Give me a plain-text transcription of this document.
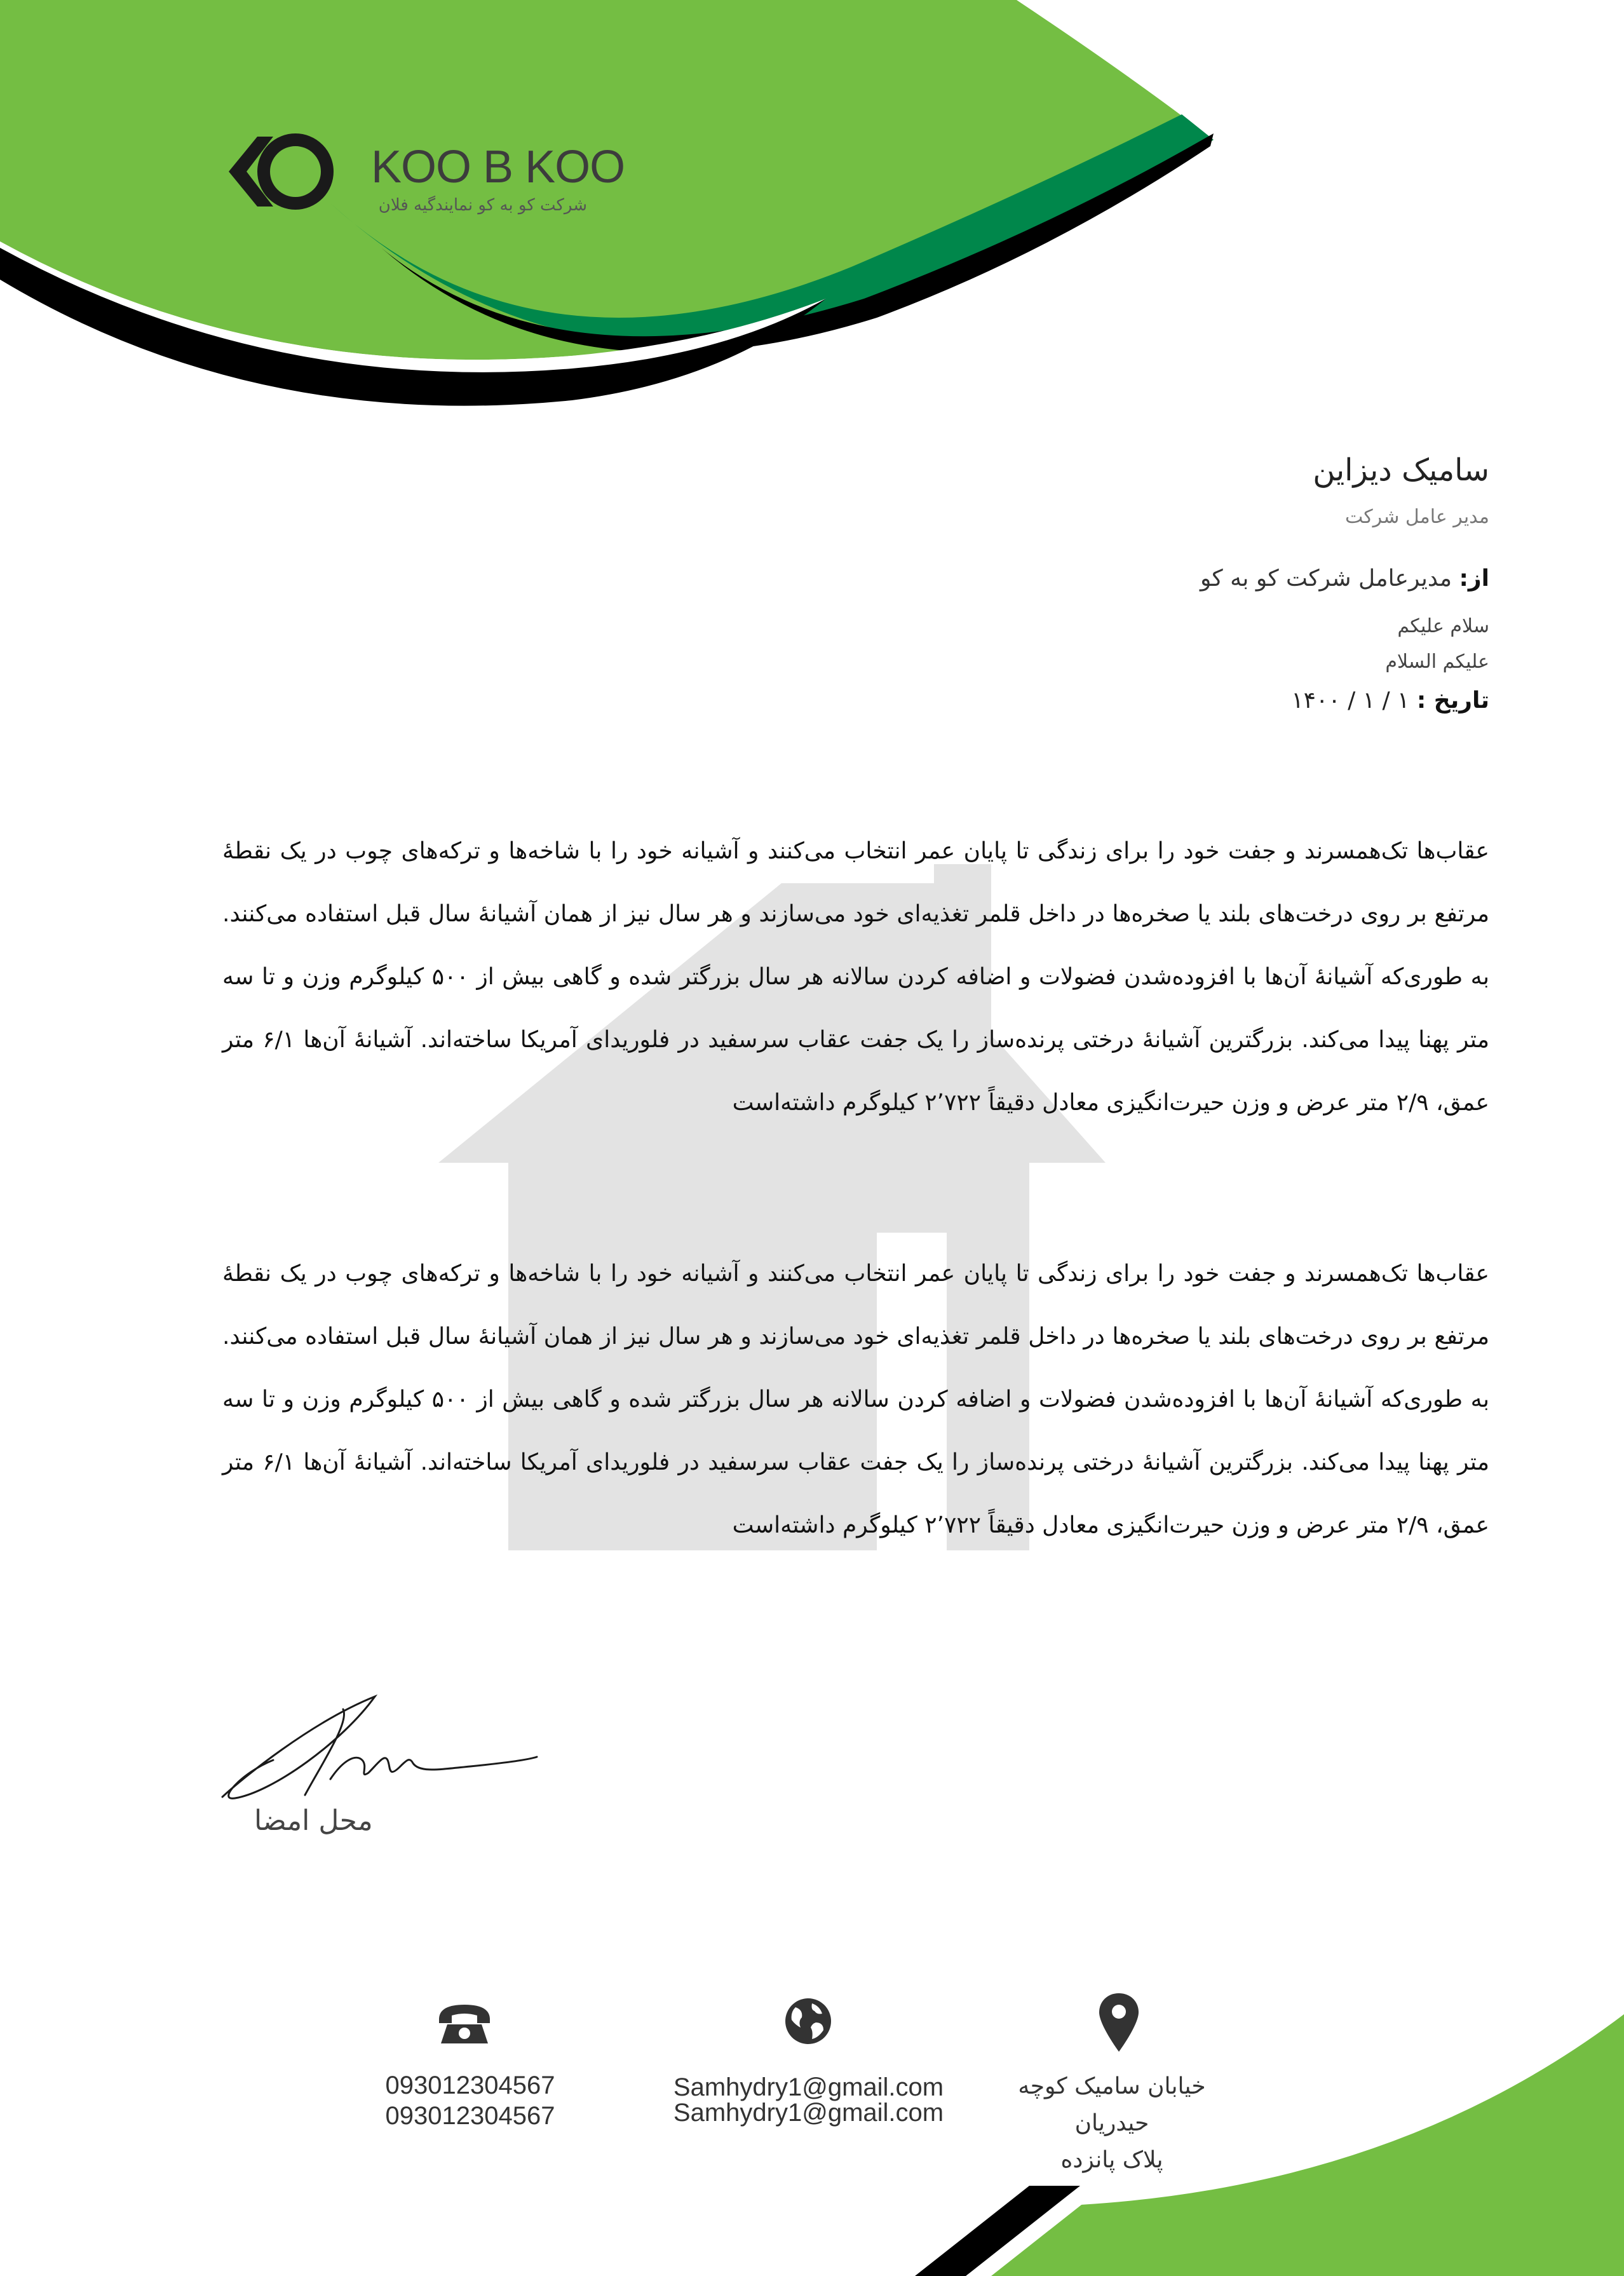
KOO B KOO
شرکت کو به کو نمایندگیه فلان
سامیک دیزاین
مدیر عامل شرکت
از: مدیرعامل شرکت کو به کو
سلام علیکم
علیکم السلام
تاریخ : ۱ / ۱ / ۱۴۰۰
عقاب‌ها تک‌همسرند و جفت خود را برای زندگی تا پایان عمر انتخاب می‌کنند و آشیانه خود را با شاخه‌ها و ترکه‌های چوب در یک نقطهٔ مرتفع بر روی درخت‌های بلند یا صخره‌ها در داخل قلمر تغذیه‌ای خود می‌سازند و هر سال نیز از همان آشیانهٔ سال قبل استفاده می‌کنند. به طوری‌که آشیانهٔ آن‌ها با افزوده‌شدن فضولات و اضافه کردن سالانه هر سال بزرگتر شده و گاهی بیش از ۵۰۰ کیلوگرم وزن و تا سه متر پهنا پیدا می‌کند. بزرگترین آشیانهٔ درختی پرنده‌ساز را یک جفت عقاب سرسفید در فلوریدای آمریکا ساخته‌اند. آشیانهٔ آن‌ها ۶/۱ متر عمق، ۲/۹ متر عرض و وزن حیرت‌انگیزی معادل دقیقاً ۲٬۷۲۲ کیلوگرم داشته‌است
عقاب‌ها تک‌همسرند و جفت خود را برای زندگی تا پایان عمر انتخاب می‌کنند و آشیانه خود را با شاخه‌ها و ترکه‌های چوب در یک نقطهٔ مرتفع بر روی درخت‌های بلند یا صخره‌ها در داخل قلمر تغذیه‌ای خود می‌سازند و هر سال نیز از همان آشیانهٔ سال قبل استفاده می‌کنند. به طوری‌که آشیانهٔ آن‌ها با افزوده‌شدن فضولات و اضافه کردن سالانه هر سال بزرگتر شده و گاهی بیش از ۵۰۰ کیلوگرم وزن و تا سه متر پهنا پیدا می‌کند. بزرگترین آشیانهٔ درختی پرنده‌ساز را یک جفت عقاب سرسفید در فلوریدای آمریکا ساخته‌اند. آشیانهٔ آن‌ها ۶/۱ متر عمق، ۲/۹ متر عرض و وزن حیرت‌انگیزی معادل دقیقاً ۲٬۷۲۲ کیلوگرم داشته‌است
محل امضا
093012304567
093012304567
Samhydry1@gmail.com
Samhydry1@gmail.com
خیابان سامیک کوچه حیدریان
پلاک پانزده
